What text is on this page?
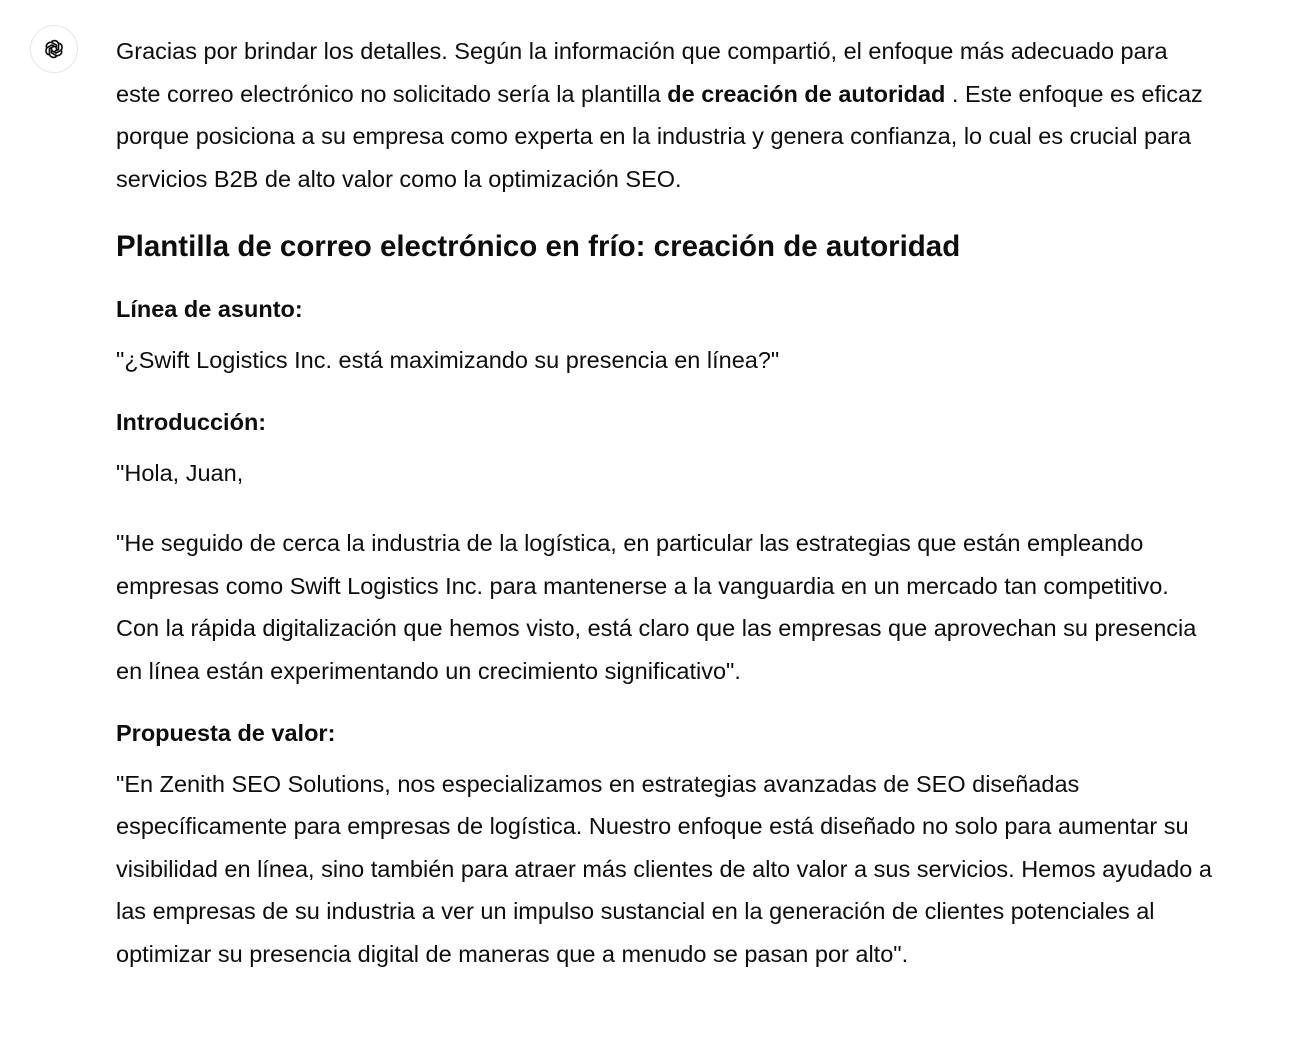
Gracias por brindar los detalles. Según la información que compartió, el enfoque más adecuado para este correo electrónico no solicitado sería la plantilla de creación de autoridad . Este enfoque es eficaz porque posiciona a su empresa como experta en la industria y genera confianza, lo cual es crucial para servicios B2B de alto valor como la optimización SEO.

Plantilla de correo electrónico en frío: creación de autoridad

Línea de asunto:

"¿Swift Logistics Inc. está maximizando su presencia en línea?"

Introducción:

"Hola, Juan,

"He seguido de cerca la industria de la logística, en particular las estrategias que están empleando empresas como Swift Logistics Inc. para mantenerse a la vanguardia en un mercado tan competitivo. Con la rápida digitalización que hemos visto, está claro que las empresas que aprovechan su presencia en línea están experimentando un crecimiento significativo".

Propuesta de valor:

"En Zenith SEO Solutions, nos especializamos en estrategias avanzadas de SEO diseñadas específicamente para empresas de logística. Nuestro enfoque está diseñado no solo para aumentar su visibilidad en línea, sino también para atraer más clientes de alto valor a sus servicios. Hemos ayudado a las empresas de su industria a ver un impulso sustancial en la generación de clientes potenciales al optimizar su presencia digital de maneras que a menudo se pasan por alto".
